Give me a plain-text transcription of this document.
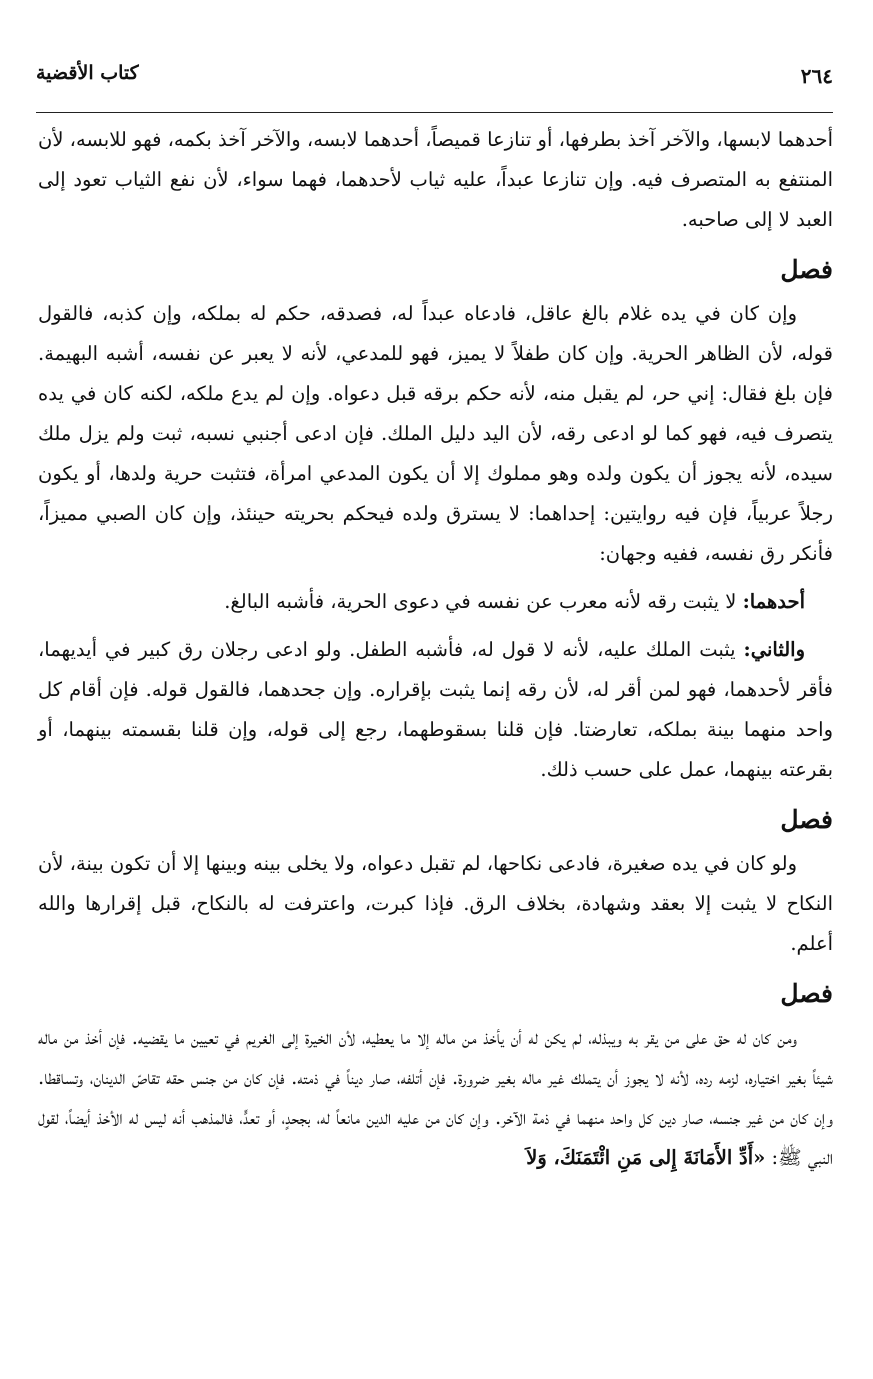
٢٦٤
كتاب الأقضية

أحدهما لابسها، والآخر آخذ بطرفها، أو تنازعا قميصاً، أحدهما لابسه، والآخر آخذ بكمه، فهو للابسه، لأن المنتفع به المتصرف فيه. وإن تنازعا عبداً، عليه ثياب لأحدهما، فهما سواء، لأن نفع الثياب تعود إلى العبد لا إلى صاحبه.

فصل

وإن كان في يده غلام بالغ عاقل، فادعاه عبداً له، فصدقه، حكم له بملكه، وإن كذبه، فالقول قوله، لأن الظاهر الحرية. وإن كان طفلاً لا يميز، فهو للمدعي، لأنه لا يعبر عن نفسه، أشبه البهيمة. فإن بلغ فقال: إني حر، لم يقبل منه، لأنه حكم برقه قبل دعواه. وإن لم يدع ملكه، لكنه كان في يده يتصرف فيه، فهو كما لو ادعى رقه، لأن اليد دليل الملك. فإن ادعى أجنبي نسبه، ثبت ولم يزل ملك سيده، لأنه يجوز أن يكون ولده وهو مملوك إلا أن يكون المدعي امرأة، فتثبت حرية ولدها، أو يكون رجلاً عربياً، فإن فيه روايتين: إحداهما: لا يسترق ولده فيحكم بحريته حينئذ، وإن كان الصبي مميزاً، فأنكر رق نفسه، ففيه وجهان:

أحدهما: لا يثبت رقه لأنه معرب عن نفسه في دعوى الحرية، فأشبه البالغ.

والثاني: يثبت الملك عليه، لأنه لا قول له، فأشبه الطفل. ولو ادعى رجلان رق كبير في أيديهما، فأقر لأحدهما، فهو لمن أقر له، لأن رقه إنما يثبت بإقراره. وإن جحدهما، فالقول قوله. فإن أقام كل واحد منهما بينة بملكه، تعارضتا. فإن قلنا بسقوطهما، رجع إلى قوله، وإن قلنا بقسمته بينهما، أو بقرعته بينهما، عمل على حسب ذلك.

فصل

ولو كان في يده صغيرة، فادعى نكاحها، لم تقبل دعواه، ولا يخلى بينه وبينها إلا أن تكون بينة، لأن النكاح لا يثبت إلا بعقد وشهادة، بخلاف الرق. فإذا كبرت، واعترفت له بالنكاح، قبل إقرارها والله أعلم.

فصل

ومن كان له حق على من يقر به ويبذله، لم يكن له أن يأخذ من ماله إلا ما يعطيه، لأن الخيرة إلى الغريم في تعيين ما يقضيه. فإن أخذ من ماله شيئاً بغير اختياره، لزمه رده، لأنه لا يجوز أن يتملك غير ماله بغير ضرورة. فإن أتلفه، صار ديناً في ذمته. فإن كان من جنس حقه تقاصّ الدينان، وتساقطا. وإن كان من غير جنسه، صار دين كل واحد منهما في ذمة الآخر. وإن كان من عليه الدين مانعاً له، بجحدٍ، أو تعدٍّ، فالمذهب أنه ليس له الأخذ أيضاً، لقول النبي ﷺ: «أَدِّ الأَمَانَةَ إِلى مَنِ ائْتَمَنَكَ، وَلاَ
